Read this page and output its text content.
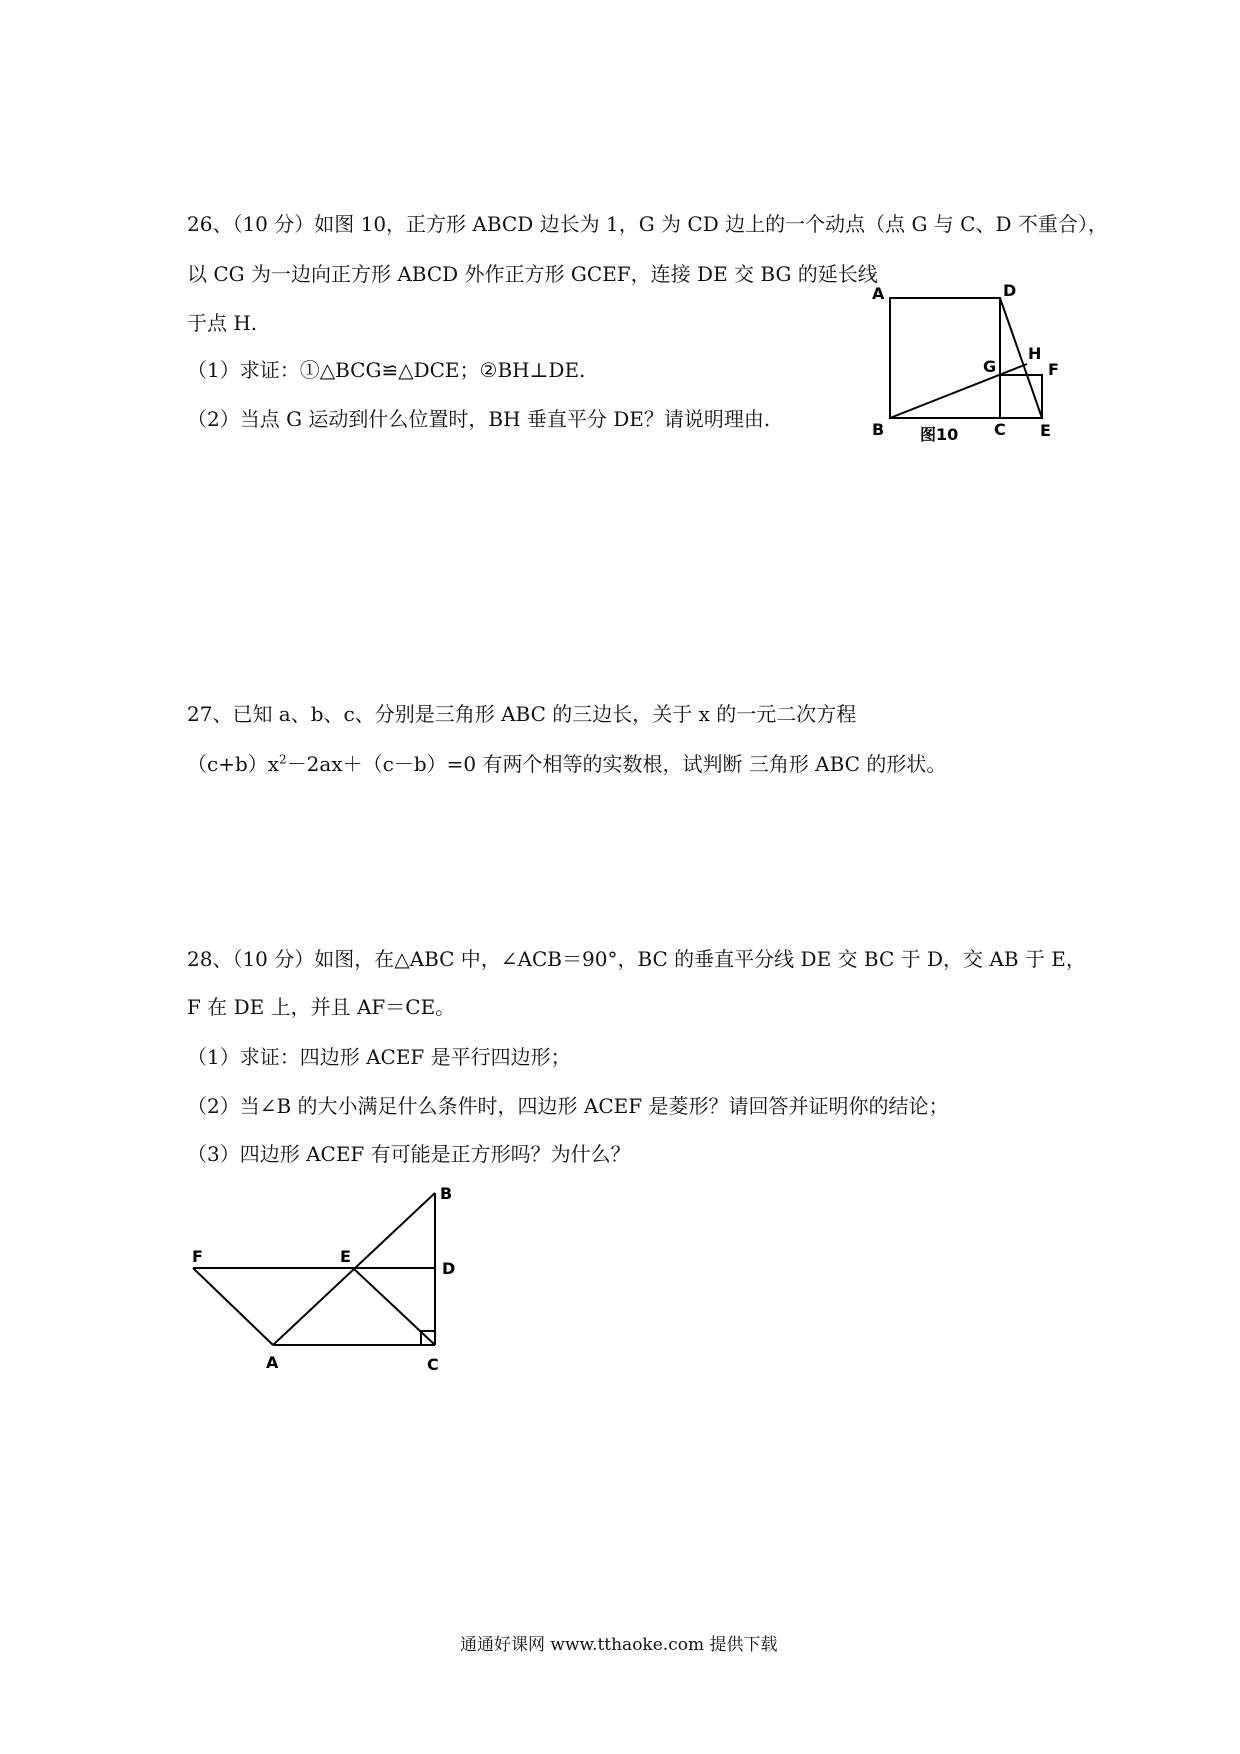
26、（10 分）如图 10，正方形 ABCD 边长为 1，G 为 CD 边上的一个动点（点 G 与 C、D 不重合），
以 CG 为一边向正方形 ABCD 外作正方形 GCEF，连接 DE 交 BG 的延长线
于点 H.
（1）求证：①△BCG≌△DCE；②BH⊥DE.
（2）当点 G 运动到什么位置时，BH 垂直平分 DE？请说明理由.
A	D
G
H
F
B	C E
图10
27、已知 a、b、c、分别是三角形 ABC 的三边长，关于 x 的一元二次方程
$(c+b)x^2-2ax+(c-b)=0$ 有两个相等的实数根，试判断 三角形 ABC 的形状。
28、（10 分）如图，在△ABC 中，∠ACB＝90°，BC 的垂直平分线 DE 交 BC 于 D，交 AB 于 E，
F 在 DE 上，并且 AF＝CE。
（1）求证：四边形 ACEF 是平行四边形；
（2）当∠B 的大小满足什么条件时，四边形 ACEF 是菱形？请回答并证明你的结论；
（3）四边形 ACEF 有可能是正方形吗？为什么？
B
F	E
D
A	C
通通好课网 www.tthaoke.com 提供下载
